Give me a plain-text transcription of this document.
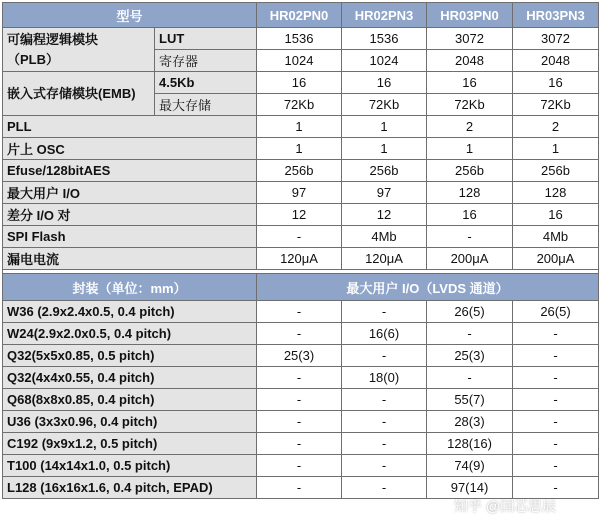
型号		HR02PN0	HR02PN3	HR03PN0	HR03PN3
可编程逻辑模块
（PLB）	LUT	1536	1536	3072	3072
	寄存器	1024	1024	2048	2048
嵌入式存储模块(EMB)	4.5Kb	16	16	16	16
	最大存储	72Kb	72Kb	72Kb	72Kb
PLL		1	1	2	2
片上 OSC		1	1	1	1
Efuse/128bitAES		256b	256b	256b	256b
最大用户 I/O		97	97	128	128
差分 I/O 对		12	12	16	16
SPI Flash		-	4Mb	-	4Mb
漏电电流		120μA	120μA	200μA	200μA

封装（单位：mm）		最大用户 I/O（LVDS 通道）			
W36 (2.9x2.4x0.5, 0.4 pitch)		-	-	26(5)	26(5)
W24(2.9x2.0x0.5, 0.4 pitch)		-	16(6)	-	-
Q32(5x5x0.85, 0.5 pitch)		25(3)	-	25(3)	-
Q32(4x4x0.55, 0.4 pitch)		-	18(0)	-	-
Q68(8x8x0.85, 0.4 pitch)		-	-	55(7)	-
U36 (3x3x0.96, 0.4 pitch)		-	-	28(3)	-
C192 (9x9x1.2, 0.5 pitch)		-	-	128(16)	-
T100 (14x14x1.0, 0.5 pitch)		-	-	74(9)	-
L128 (16x16x1.6, 0.4 pitch, EPAD)		-	-	97(14)	-
知乎 @国芯思辰
